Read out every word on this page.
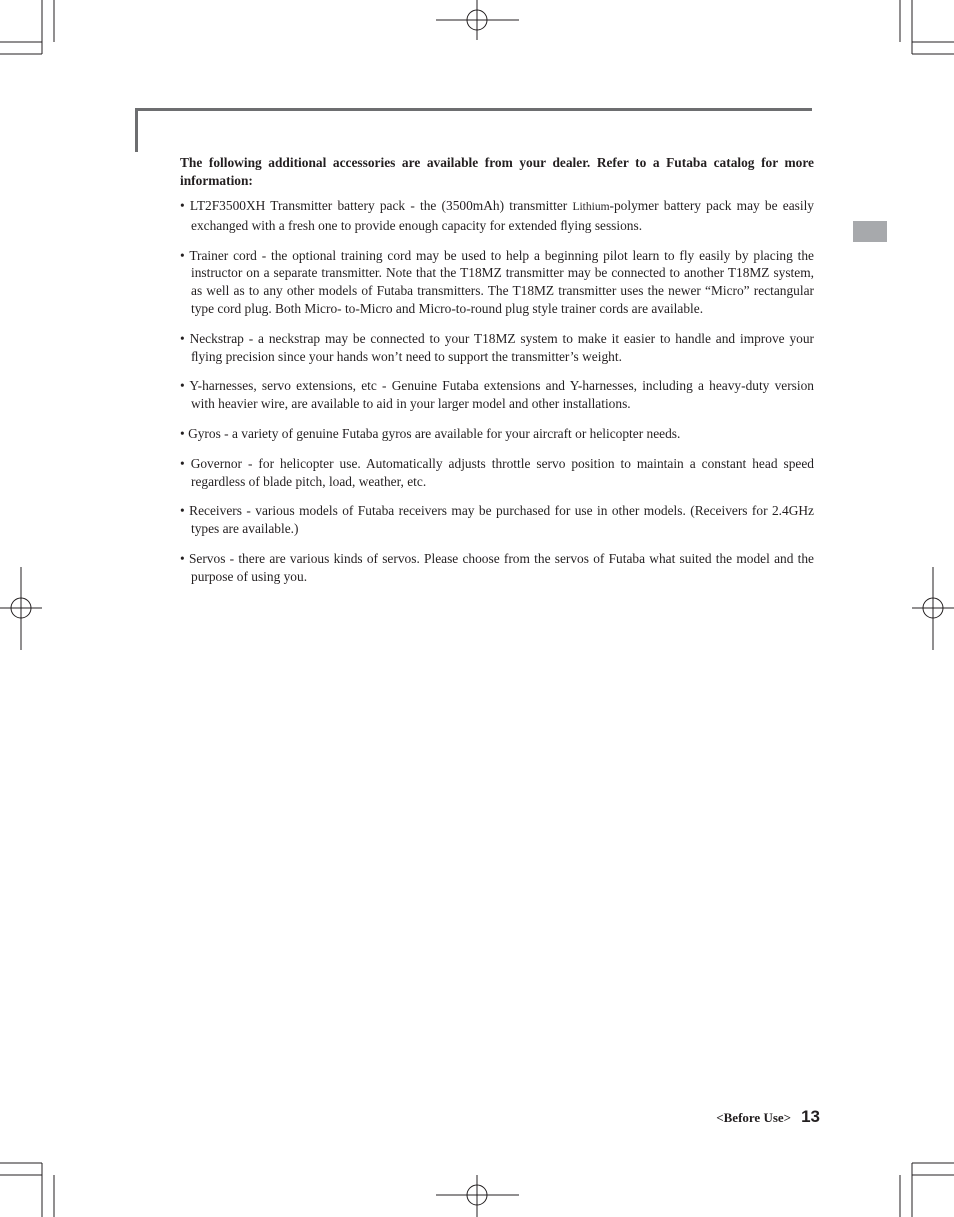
The following additional accessories are available from your dealer. Refer to a Futaba catalog for more information:

• LT2F3500XH Transmitter battery pack - the (3500mAh) transmitter Lithium-polymer battery pack may be easily exchanged with a fresh one to provide enough capacity for extended ﬂying sessions.
• Trainer cord - the optional training cord may be used to help a beginning pilot learn to fly easily by placing the instructor on a separate transmitter. Note that the T18MZ transmitter may be connected to another T18MZ system, as well as to any other models of Futaba transmitters. The T18MZ transmitter uses the newer “Micro” rectangular type cord plug. Both Micro- to-Micro and Micro-to-round plug style trainer cords are available.
• Neckstrap - a neckstrap may be connected to your T18MZ system to make it easier to handle and improve your ﬂying precision since your hands won’t need to support the transmitter’s weight.
• Y-harnesses, servo extensions, etc - Genuine Futaba extensions and Y-harnesses, including a heavy-duty version with heavier wire, are available to aid in your larger model and other installations.
• Gyros - a variety of genuine Futaba gyros are available for your aircraft or helicopter needs.
• Governor - for helicopter use. Automatically adjusts throttle servo position to maintain a constant head speed regardless of blade pitch, load, weather, etc.
• Receivers - various models of Futaba receivers may be purchased for use in other models. (Receivers for 2.4GHz types are available.)
• Servos - there are various kinds of servos. Please choose from the servos of Futaba what suited the model and the purpose of using you.
<Before Use> 13
